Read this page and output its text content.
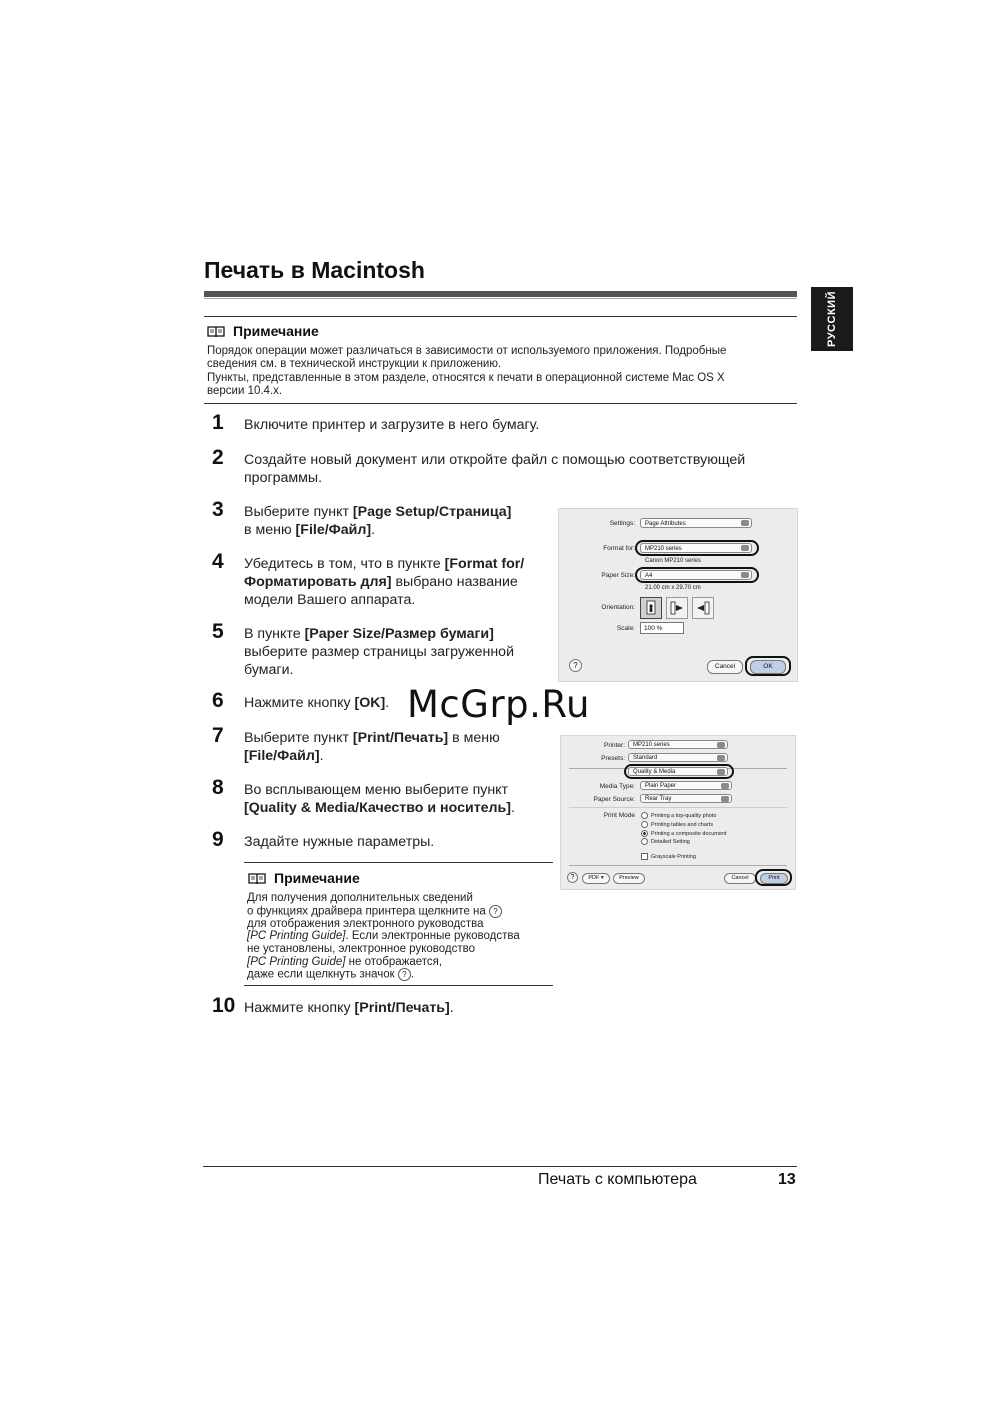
Печать в Macintosh
РУССКИЙ
Примечание
Порядок операции может различаться в зависимости от используемого приложения. Подробные
сведения см. в технической инструкции к приложению.
Пункты, представленные в этом разделе, относятся к печати в операционной системе Mac OS X
версии 10.4.x.
1	Включите принтер и загрузите в него бумагу.
2	Создайте новый документ или откройте файл с помощью соответствующей
программы.
3	Выберите пункт [Page Setup/Страница]
в меню [File/Файл].
4	Убедитесь в том, что в пункте [Format for/
Форматировать для] выбрано название
модели Вашего аппарата.
5	В пункте [Paper Size/Размер бумаги]
выберите размер страницы загруженной
бумаги.
6	Нажмите кнопку [OK]. McGrp.Ru
7	Выберите пункт [Print/Печать] в меню
[File/Файл].
8	Во всплывающем меню выберите пункт
[Quality & Media/Качество и носитель].
9	Задайте нужные параметры.
Примечание
Для получения дополнительных сведений
о функциях драйвера принтера щелкните на ?
для отображения электронного руководства
[PC Printing Guide]. Если электронные руководства
не установлены, электронное руководство
[PC Printing Guide] не отображается,
даже если щелкнуть значок ? .
10 Нажмите кнопку [Print/Печать].
Settings:	Page Attributes
Format for:	MP210 series
Canon MP210 series
Paper Size:	A4
21.00 cm x 29.70 cm
Orientation:
Scale:	100 %
?	Cancel	OK
Printer:	MP210 series
Presets:	Standard
Quality & Media
Media Type:	Plain Paper
Paper Source:	Rear Tray
Print Mode	Printing a top-quality photo
Printing tables and charts
Printing a composite document
Detailed Setting
Grayscale Printing
?	PDF ▾	Preview	Cancel	Print
Печать с компьютера	13
